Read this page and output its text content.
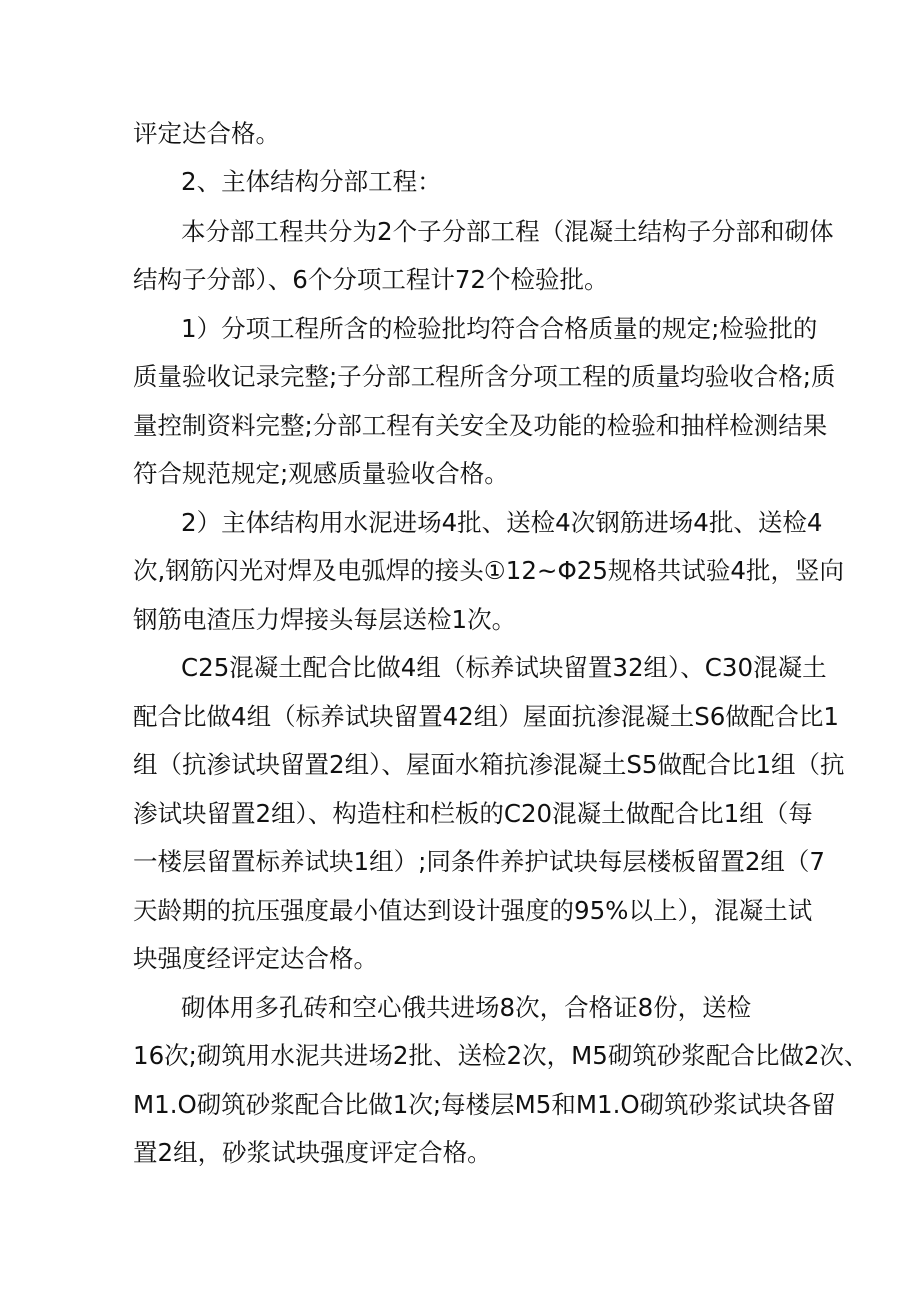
评定达合格。
2、主体结构分部工程：
本分部工程共分为2个子分部工程（混凝土结构子分部和砌体
结构子分部）、6个分项工程计72个检验批。
1）分项工程所含的检验批均符合合格质量的规定;检验批的
质量验收记录完整;子分部工程所含分项工程的质量均验收合格;质
量控制资料完整;分部工程有关安全及功能的检验和抽样检测结果
符合规范规定;观感质量验收合格。
2）主体结构用水泥进场4批、送检4次钢筋进场4批、送检4
次,钢筋闪光对焊及电弧焊的接头①12~Φ25规格共试验4批，竖向
钢筋电渣压力焊接头每层送检1次。
C25混凝土配合比做4组（标养试块留置32组）、C30混凝土
配合比做4组（标养试块留置42组）屋面抗渗混凝土S6做配合比1
组（抗渗试块留置2组）、屋面水箱抗渗混凝土S5做配合比1组（抗
渗试块留置2组）、构造柱和栏板的C20混凝土做配合比1组（每
一楼层留置标养试块1组）;同条件养护试块每层楼板留置2组（7
天龄期的抗压强度最小值达到设计强度的95%以上），混凝土试
块强度经评定达合格。
砌体用多孔砖和空心俄共进场8次，合格证8份，送检
16次;砌筑用水泥共进场2批、送检2次，M5砌筑砂浆配合比做2次、
M1.O砌筑砂浆配合比做1次;每楼层M5和M1.O砌筑砂浆试块各留
置2组，砂浆试块强度评定合格。
